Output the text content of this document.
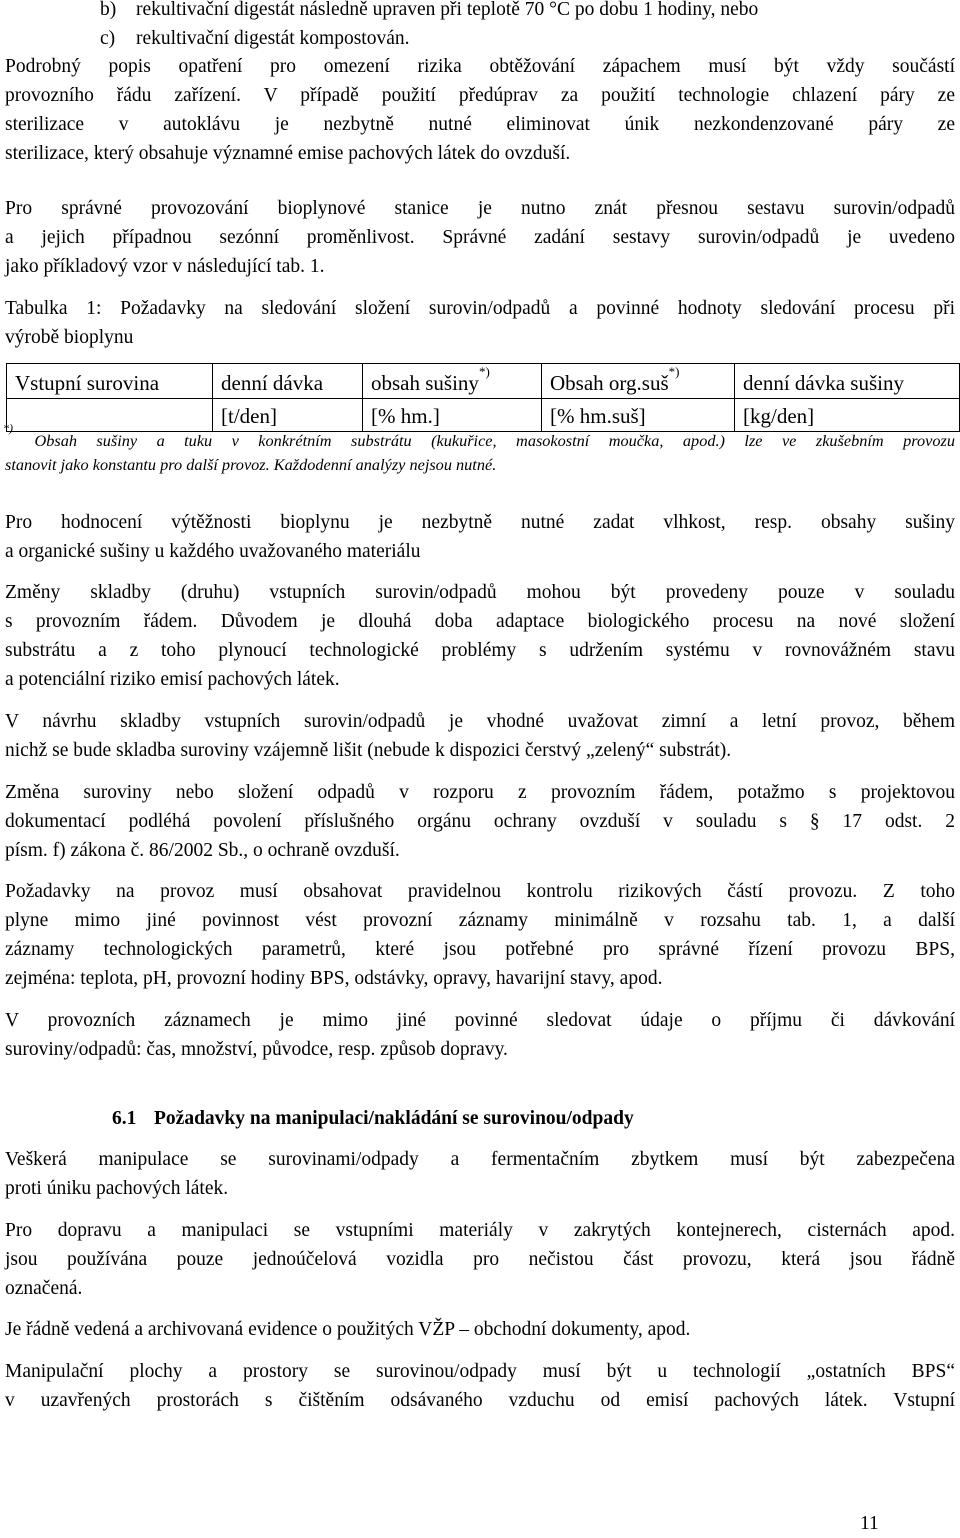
b) rekultivační digestát následně upraven při teplotě 70 °C po dobu 1 hodiny, nebo
c) rekultivační digestát kompostován.
Podrobný popis opatření pro omezení rizika obtěžování zápachem musí být vždy součástí
provozního řádu zařízení. V případě použití předúprav za použití technologie chlazení páry ze
sterilizace v autoklávu je nezbytně nutné eliminovat únik nezkondenzované páry ze
sterilizace, který obsahuje významné emise pachových látek do ovzduší.
Pro správné provozování bioplynové stanice je nutno znát přesnou sestavu surovin/odpadů
a jejich případnou sezónní proměnlivost. Správné zadání sestavy surovin/odpadů je uvedeno
jako příkladový vzor v následující tab. 1.
Tabulka 1: Požadavky na sledování složení surovin/odpadů a povinné hodnoty sledování procesu při
výrobě bioplynu
Vstupní surovina	denní dávka	obsah sušiny*)	Obsah org.suš*)	denní dávka sušiny
	[t/den]	[% hm.]	[% hm.suš]	[kg/den]
*) Obsah sušiny a tuku v konkrétním substrátu (kukuřice, masokostní moučka, apod.) lze ve zkušebním provozu
stanovit jako konstantu pro další provoz. Každodenní analýzy nejsou nutné.
Pro hodnocení výtěžnosti bioplynu je nezbytně nutné zadat vlhkost, resp. obsahy sušiny
a organické sušiny u každého uvažovaného materiálu
Změny skladby (druhu) vstupních surovin/odpadů mohou být provedeny pouze v souladu
s provozním řádem. Důvodem je dlouhá doba adaptace biologického procesu na nové složení
substrátu a z toho plynoucí technologické problémy s udržením systému v rovnovážném stavu
a potenciální riziko emisí pachových látek.
V návrhu skladby vstupních surovin/odpadů je vhodné uvažovat zimní a letní provoz, během
nichž se bude skladba suroviny vzájemně lišit (nebude k dispozici čerstvý „zelený“ substrát).
Změna suroviny nebo složení odpadů v rozporu z provozním řádem, potažmo s projektovou
dokumentací podléhá povolení příslušného orgánu ochrany ovzduší v souladu s § 17 odst. 2
písm. f) zákona č. 86/2002 Sb., o ochraně ovzduší.
Požadavky na provoz musí obsahovat pravidelnou kontrolu rizikových částí provozu. Z toho
plyne mimo jiné povinnost vést provozní záznamy minimálně v rozsahu tab. 1, a další
záznamy technologických parametrů, které jsou potřebné pro správné řízení provozu BPS,
zejména: teplota, pH, provozní hodiny BPS, odstávky, opravy, havarijní stavy, apod.
V provozních záznamech je mimo jiné povinné sledovat údaje o příjmu či dávkování
suroviny/odpadů: čas, množství, původce, resp. způsob dopravy.
6.1 Požadavky na manipulaci/nakládání se surovinou/odpady
Veškerá manipulace se surovinami/odpady a fermentačním zbytkem musí být zabezpečena
proti úniku pachových látek.
Pro dopravu a manipulaci se vstupními materiály v zakrytých kontejnerech, cisternách apod.
jsou používána pouze jednoúčelová vozidla pro nečistou část provozu, která jsou řádně
označená.
Je řádně vedená a archivovaná evidence o použitých VŽP – obchodní dokumenty, apod.
Manipulační plochy a prostory se surovinou/odpady musí být u technologií „ostatních BPS“
v uzavřených prostorách s čištěním odsávaného vzduchu od emisí pachových látek. Vstupní
11
